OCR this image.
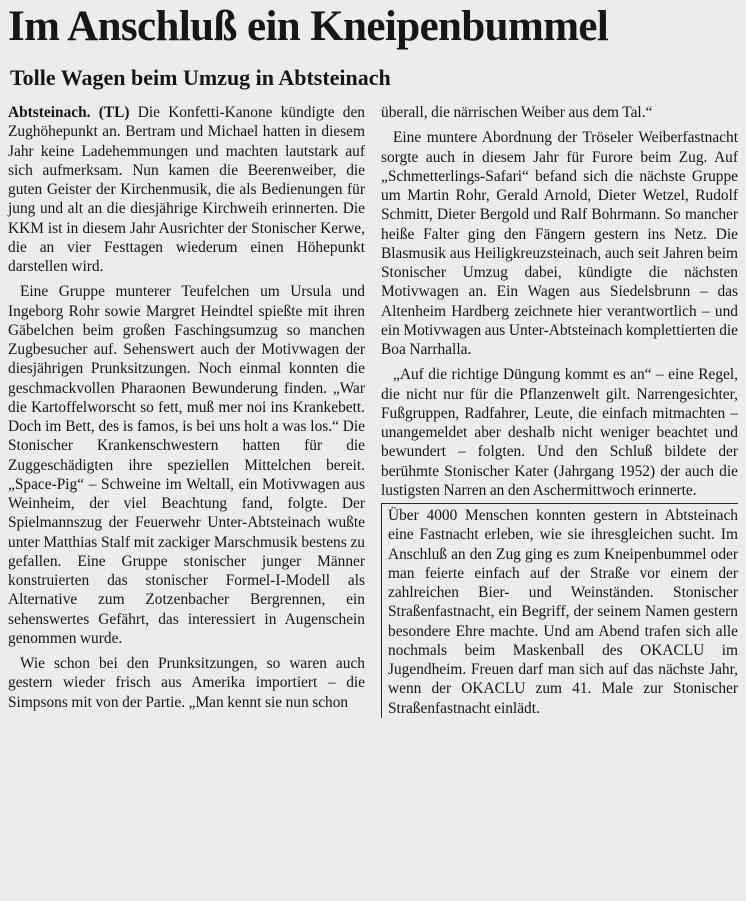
Im Anschluß ein Kneipenbummel
Tolle Wagen beim Umzug in Abtsteinach

Abtsteinach. (TL) Die Konfetti-Kanone kündigte den Zughöhepunkt an. Bertram und Michael hatten in diesem Jahr keine Ladehemmungen und machten lautstark auf sich aufmerksam. Nun kamen die Beerenweiber, die guten Geister der Kirchenmusik, die als Bedienungen für jung und alt an die diesjährige Kirchweih erinnerten. Die KKM ist in diesem Jahr Ausrichter der Stonischer Kerwe, die an vier Festtagen wiederum einen Höhepunkt darstellen wird.

Eine Gruppe munterer Teufelchen um Ursula und Ingeborg Rohr sowie Margret Heindtel spießte mit ihren Gäbelchen beim großen Faschingsumzug so manchen Zugbesucher auf. Sehenswert auch der Motivwagen der diesjährigen Prunksitzungen. Noch einmal konnten die geschmackvollen Pharaonen Bewunderung finden. „War die Kartoffelworscht so fett, muß mer noi ins Krankebett. Doch im Bett, des is famos, is bei uns holt a was los.“ Die Stonischer Krankenschwestern hatten für die Zuggeschädigten ihre speziellen Mittelchen bereit. „Space-Pig“ – Schweine im Weltall, ein Motivwagen aus Weinheim, der viel Beachtung fand, folgte. Der Spielmannszug der Feuerwehr Unter-Abtsteinach wußte unter Matthias Stalf mit zackiger Marschmusik bestens zu gefallen. Eine Gruppe stonischer junger Männer konstruierten das stonischer Formel-I-Modell als Alternative zum Zotzenbacher Bergrennen, ein sehenswertes Gefährt, das interessiert in Augenschein genommen wurde.

Wie schon bei den Prunksitzungen, so waren auch gestern wieder frisch aus Amerika importiert – die Simpsons mit von der Partie. „Man kennt sie nun schon

überall, die närrischen Weiber aus dem Tal.“

Eine muntere Abordnung der Tröseler Weiberfastnacht sorgte auch in diesem Jahr für Furore beim Zug. Auf „Schmetterlings-Safari“ befand sich die nächste Gruppe um Martin Rohr, Gerald Arnold, Dieter Wetzel, Rudolf Schmitt, Dieter Bergold und Ralf Bohrmann. So mancher heiße Falter ging den Fängern gestern ins Netz. Die Blasmusik aus Heiligkreuzsteinach, auch seit Jahren beim Stonischer Umzug dabei, kündigte die nächsten Motivwagen an. Ein Wagen aus Siedelsbrunn – das Altenheim Hardberg zeichnete hier verantwortlich – und ein Motivwagen aus Unter-Abtsteinach komplettierten die Boa Narrhalla.

„Auf die richtige Düngung kommt es an“ – eine Regel, die nicht nur für die Pflanzenwelt gilt. Narrengesichter, Fußgruppen, Radfahrer, Leute, die einfach mitmachten – unangemeldet aber deshalb nicht weniger beachtet und bewundert – folgten. Und den Schluß bildete der berühmte Stonischer Kater (Jahrgang 1952) der auch die lustigsten Narren an den Aschermittwoch erinnerte.

Über 4000 Menschen konnten gestern in Abtsteinach eine Fastnacht erleben, wie sie ihresgleichen sucht. Im Anschluß an den Zug ging es zum Kneipenbummel oder man feierte einfach auf der Straße vor einem der zahlreichen Bier- und Weinständen. Stonischer Straßenfastnacht, ein Begriff, der seinem Namen gestern besondere Ehre machte. Und am Abend trafen sich alle nochmals beim Maskenball des OKACLU im Jugendheim. Freuen darf man sich auf das nächste Jahr, wenn der OKACLU zum 41. Male zur Stonischer Straßenfastnacht einlädt.
